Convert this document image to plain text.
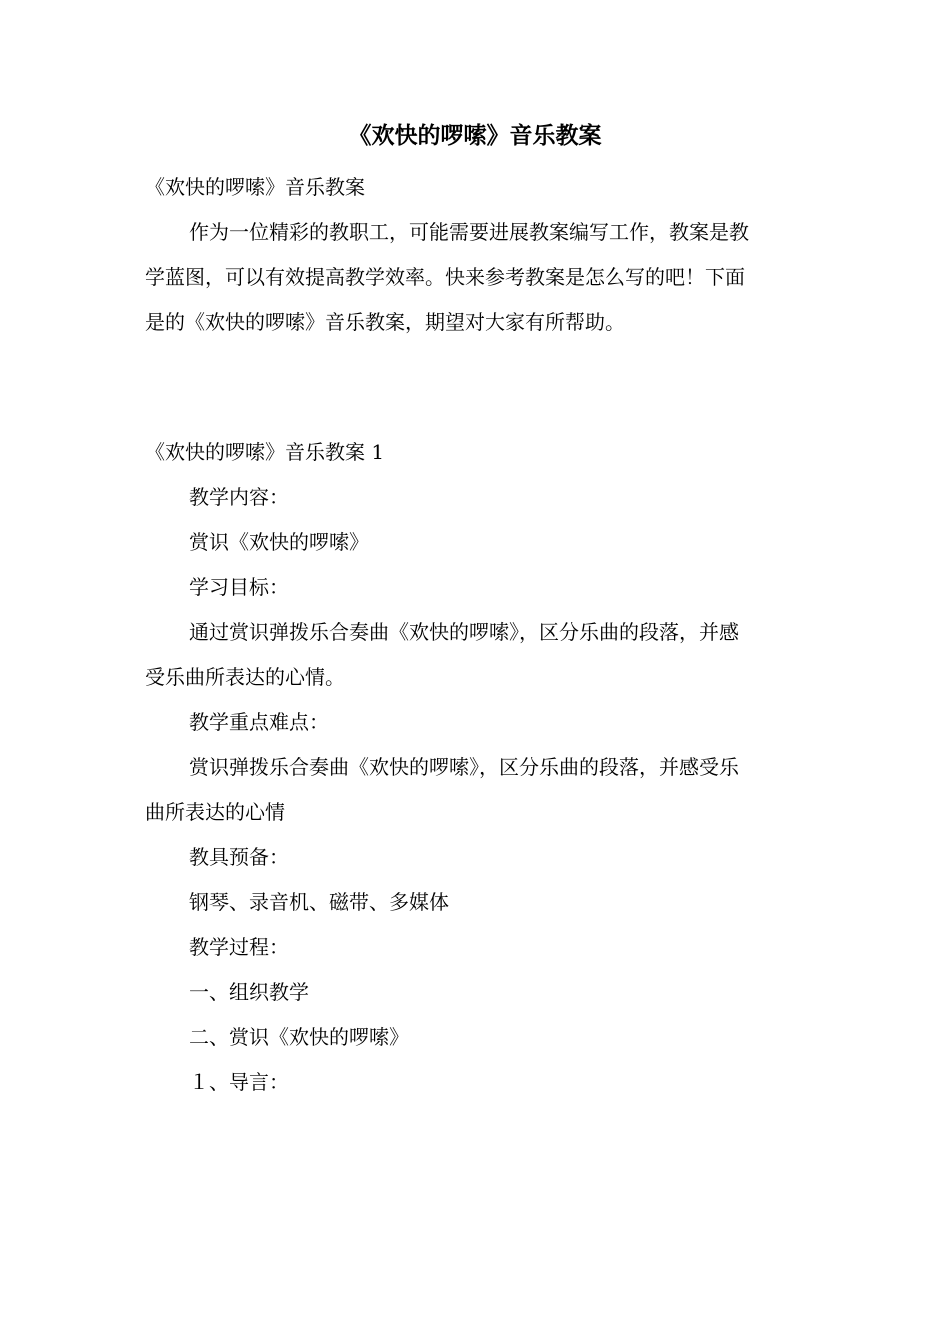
《欢快的啰嗦》音乐教案

《欢快的啰嗦》音乐教案

作为一位精彩的教职工，可能需要进展教案编写工作，教案是教

学蓝图，可以有效提高教学效率。快来参考教案是怎么写的吧！下面

是的《欢快的啰嗦》音乐教案，期望对大家有所帮助。

《欢快的啰嗦》音乐教案 1

教学内容：

赏识《欢快的啰嗦》

学习目标：

通过赏识弹拨乐合奏曲《欢快的啰嗦》，区分乐曲的段落，并感

受乐曲所表达的心情。

教学重点难点：

赏识弹拨乐合奏曲《欢快的啰嗦》，区分乐曲的段落，并感受乐

曲所表达的心情

教具预备：

钢琴、录音机、磁带、多媒体

教学过程：

一、组织教学

二、赏识《欢快的啰嗦》

１、导言：
